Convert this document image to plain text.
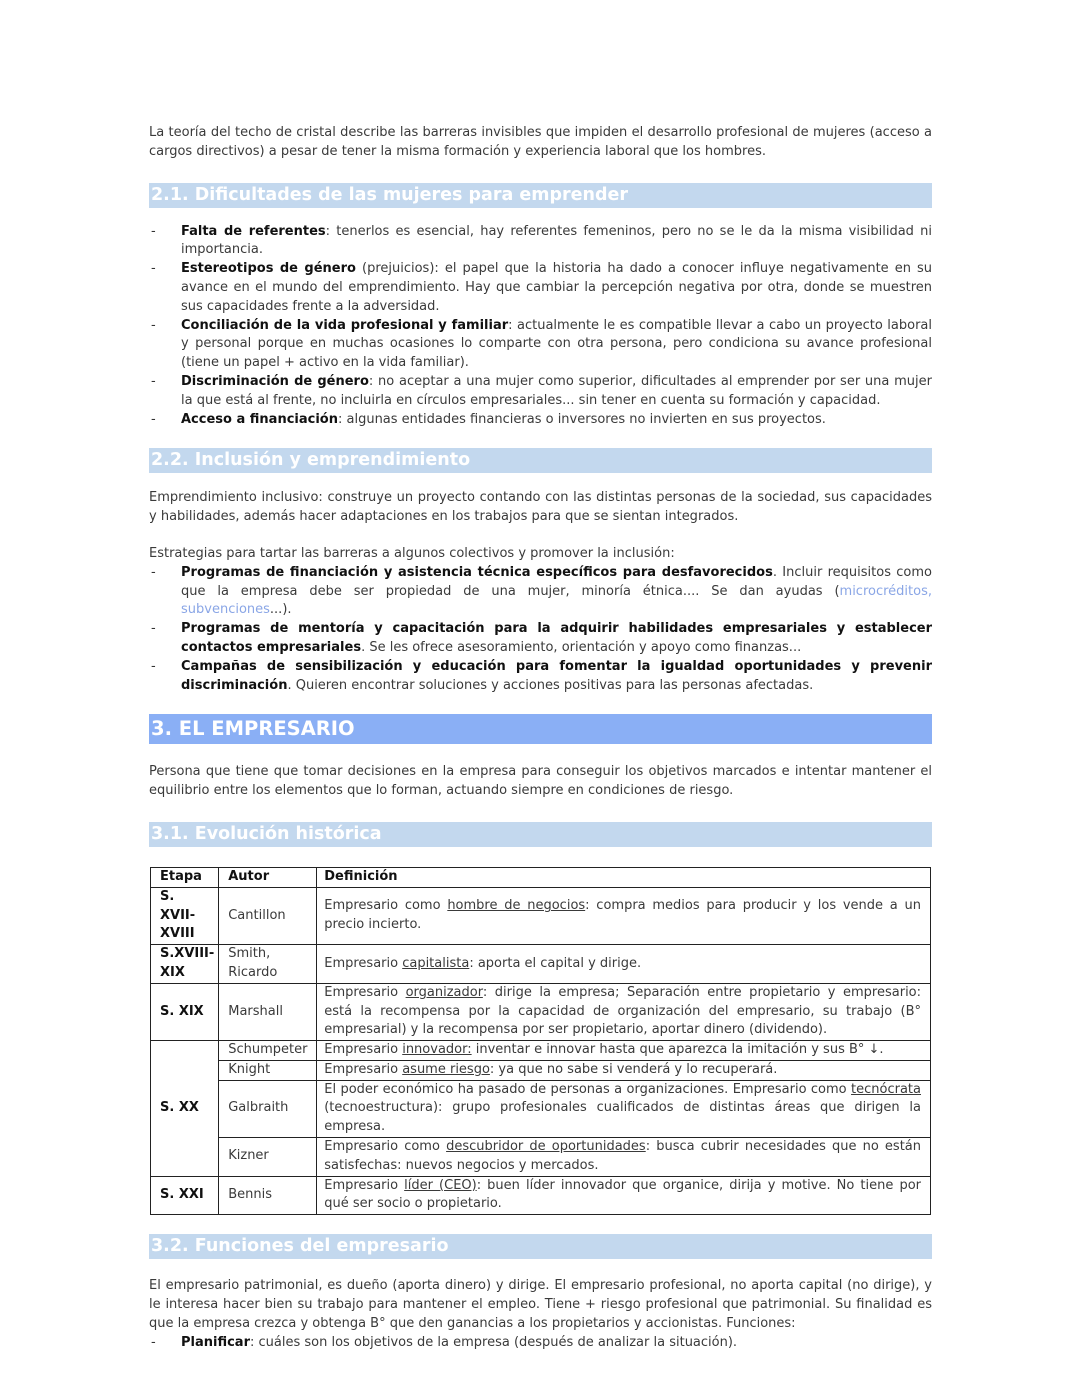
La teoría del techo de cristal describe las barreras invisibles que impiden el desarrollo profesional de mujeres (acceso a cargos directivos) a pesar de tener la misma formación y experiencia laboral que los hombres.

2.1. Dificultades de las mujeres para emprender
- Falta de referentes: tenerlos es esencial, hay referentes femeninos, pero no se le da la misma visibilidad ni importancia.
- Estereotipos de género (prejuicios): el papel que la historia ha dado a conocer influye negativamente en su avance en el mundo del emprendimiento. Hay que cambiar la percepción negativa por otra, donde se muestren sus capacidades frente a la adversidad.
- Conciliación de la vida profesional y familiar: actualmente le es compatible llevar a cabo un proyecto laboral y personal porque en muchas ocasiones lo comparte con otra persona, pero condiciona su avance profesional (tiene un papel + activo en la vida familiar).
- Discriminación de género: no aceptar a una mujer como superior, dificultades al emprender por ser una mujer la que está al frente, no incluirla en círculos empresariales... sin tener en cuenta su formación y capacidad.
- Acceso a financiación: algunas entidades financieras o inversores no invierten en sus proyectos.
2.2. Inclusión y emprendimiento

Emprendimiento inclusivo: construye un proyecto contando con las distintas personas de la sociedad, sus capacidades y habilidades, además hacer adaptaciones en los trabajos para que se sientan integrados.

Estrategias para tartar las barreras a algunos colectivos y promover la inclusión:

- Programas de financiación y asistencia técnica específicos para desfavorecidos. Incluir requisitos como que la empresa debe ser propiedad de una mujer, minoría étnica.... Se dan ayudas (microcréditos, subvenciones...).
- Programas de mentoría y capacitación para la adquirir habilidades empresariales y establecer contactos empresariales. Se les ofrece asesoramiento, orientación y apoyo como finanzas...
- Campañas de sensibilización y educación para fomentar la igualdad oportunidades y prevenir discriminación. Quieren encontrar soluciones y acciones positivas para las personas afectadas.
3. EL EMPRESARIO

Persona que tiene que tomar decisiones en la empresa para conseguir los objetivos marcados e intentar mantener el equilibrio entre los elementos que lo forman, actuando siempre en condiciones de riesgo.

3.1. Evolución histórica
Etapa	Autor	Definición
S. XVII-XVIII	Cantillon	Empresario como hombre de negocios: compra medios para producir y los vende a un precio incierto.
S.XVIII-XIX	Smith, Ricardo	Empresario capitalista: aporta el capital y dirige.
S. XIX	Marshall	Empresario organizador: dirige la empresa; Separación entre propietario y empresario: está la recompensa por la capacidad de organización del empresario, su trabajo (B° empresarial) y la recompensa por ser propietario, aportar dinero (dividendo).
S. XX	Schumpeter	Empresario innovador: inventar e innovar hasta que aparezca la imitación y sus B° ↓.
	Knight	Empresario asume riesgo: ya que no sabe si venderá y lo recuperará.
	Galbraith	El poder económico ha pasado de personas a organizaciones. Empresario como tecnócrata (tecnoestructura): grupo profesionales cualificados de distintas áreas que dirigen la empresa.
	Kizner	Empresario como descubridor de oportunidades: busca cubrir necesidades que no están satisfechas: nuevos negocios y mercados.
S. XXI	Bennis	Empresario líder (CEO): buen líder innovador que organice, dirija y motive. No tiene por qué ser socio o propietario.
3.2. Funciones del empresario

El empresario patrimonial, es dueño (aporta dinero) y dirige. El empresario profesional, no aporta capital (no dirige), y le interesa hacer bien su trabajo para mantener el empleo. Tiene + riesgo profesional que patrimonial. Su finalidad es que la empresa crezca y obtenga B° que den ganancias a los propietarios y accionistas. Funciones:

- Planificar: cuáles son los objetivos de la empresa (después de analizar la situación).
